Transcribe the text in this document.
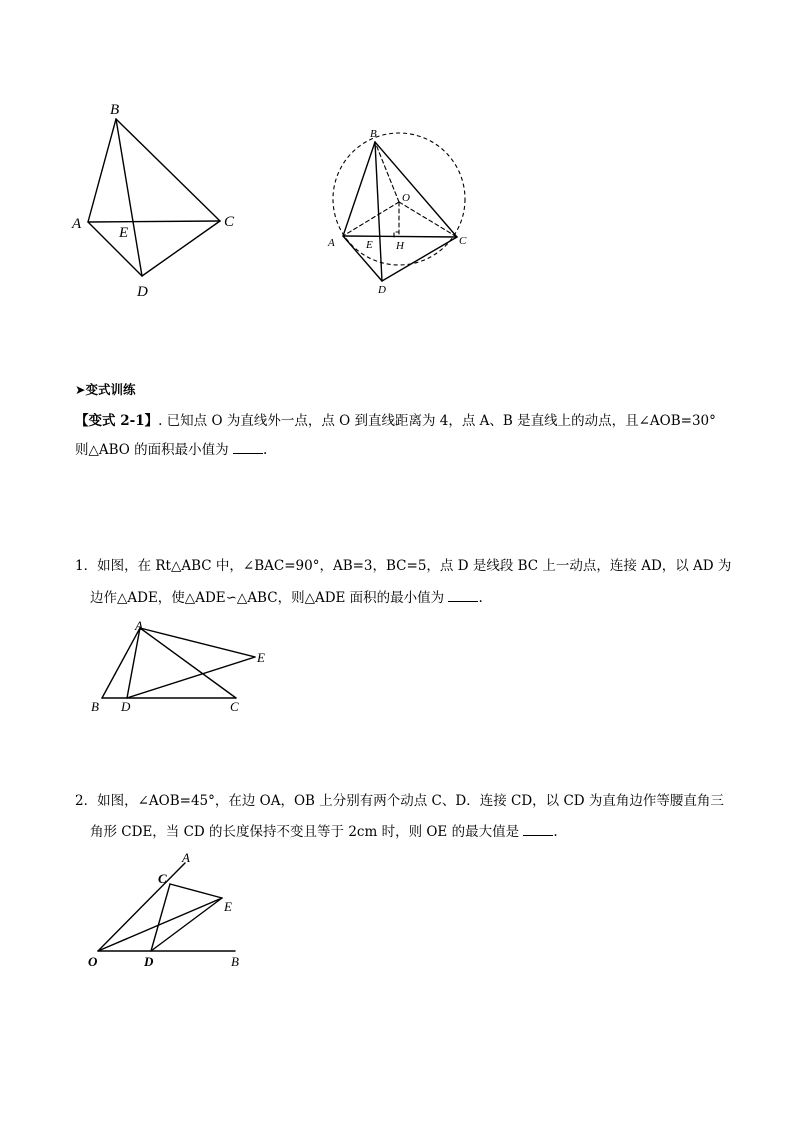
B
A	C
E
D
B
O
A	E H	C
D
➤变式训练
【变式 2-1】. 已知点 O 为直线外一点，点 O 到直线距离为 4，点 A、B 是直线上的动点，且∠AOB=30°
则△ABO 的面积最小值为	.
1．如图，在 Rt△ABC 中，∠BAC=90°，AB=3，BC=5，点 D 是线段 BC 上一动点，连接 AD，以 AD 为
边作△ADE，使△ADE∽△ABC，则△ADE 面积的最小值为	.
A
E
B D	C
2．如图，∠AOB=45°，在边 OA，OB 上分别有两个动点 C、D．连接 CD，以 CD 为直角边作等腰直角三
角形 CDE，当 CD 的长度保持不变且等于 2cm 时，则 OE 的最大值是	.
A
C
E
O	D	B
